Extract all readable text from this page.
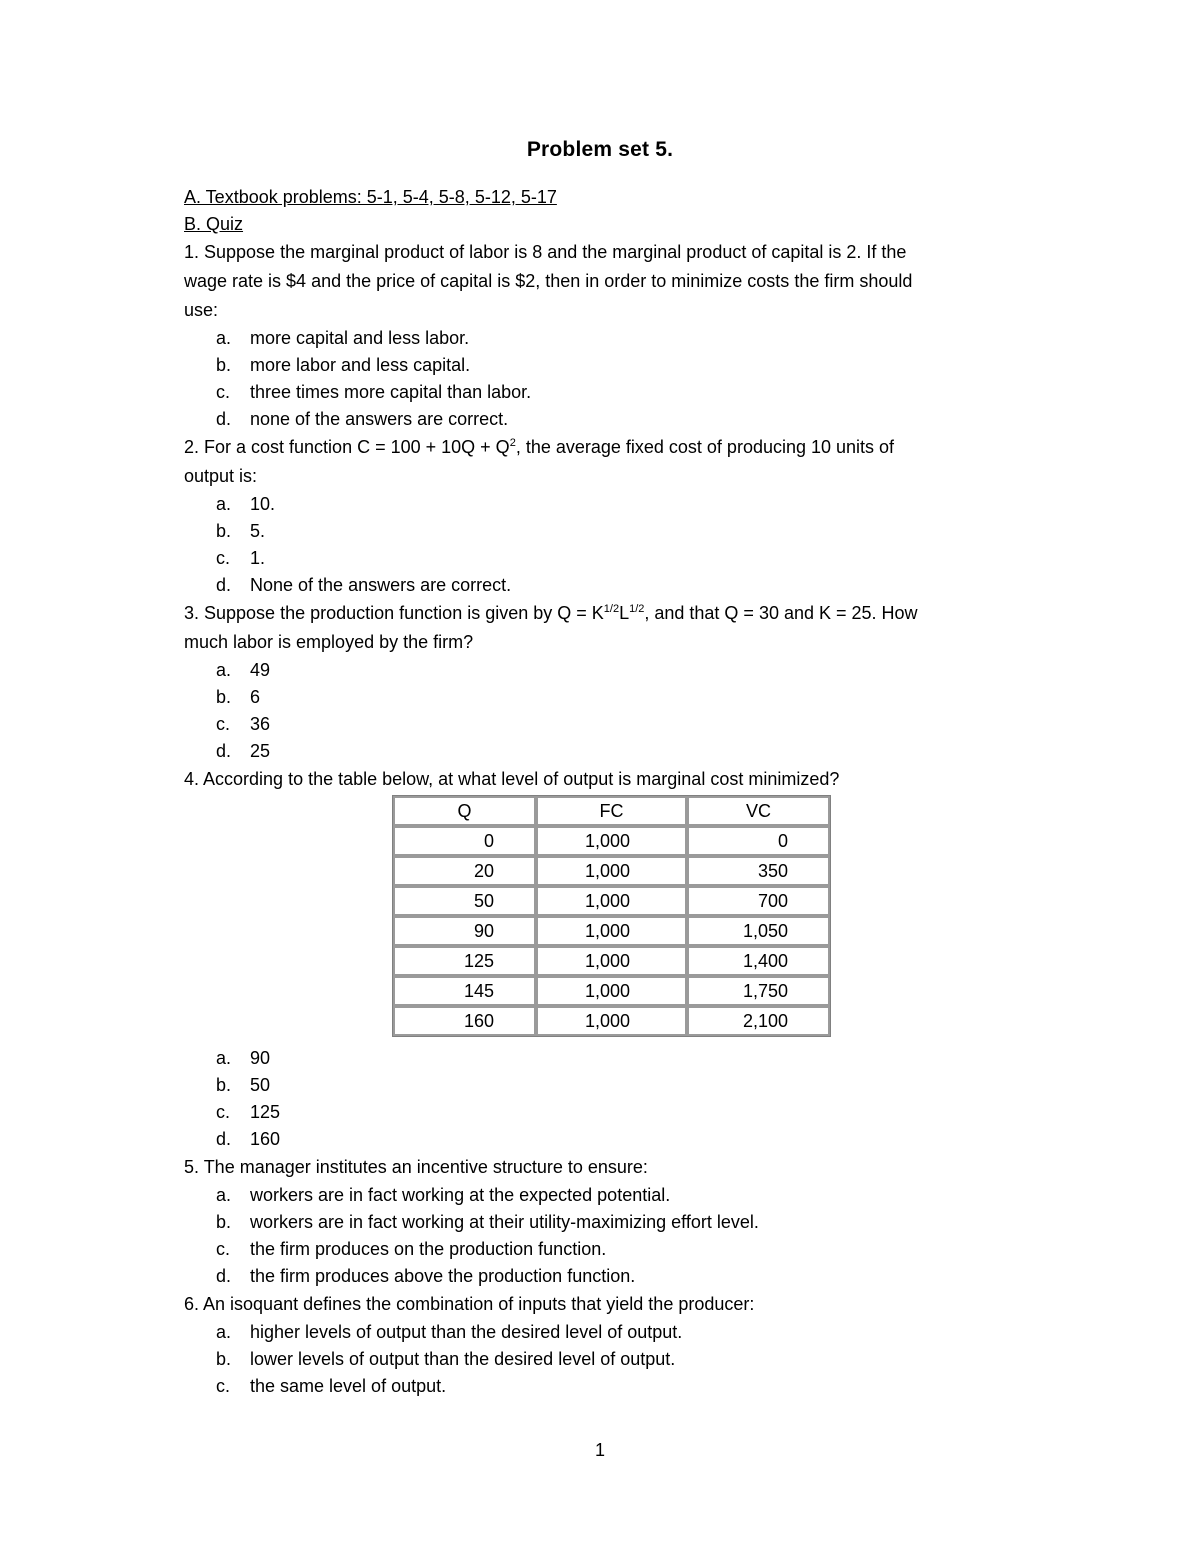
Problem set 5.

A. Textbook problems: 5-1, 5-4, 5-8, 5-12, 5-17

B. Quiz

1. Suppose the marginal product of labor is 8 and the marginal product of capital is 2. If the

wage rate is $4 and the price of capital is $2, then in order to minimize costs the firm should

use:

a.	more capital and less labor.
b.	more labor and less capital.
c.	three times more capital than labor.
d.	none of the answers are correct.

2. For a cost function $C = 100 + 10Q + Q^2$, the average fixed cost of producing 10 units of

output is:

a.	10.
b.	5.
c.	1.
d.	None of the answers are correct.

3. Suppose the production function is given by $Q = K^{1/2}L^{1/2}$, and that Q = 30 and K = 25. How

much labor is employed by the firm?

a.	49
b.	6
c.	36
d.	25

4. According to the table below, at what level of output is marginal cost minimized?

Q	FC	VC
0	1,000	0
20	1,000	350
50	1,000	700
90	1,000	1,050
125	1,000	1,400
145	1,000	1,750
160	1,000	2,100
a.	90
b.	50
c.	125
d.	160

5. The manager institutes an incentive structure to ensure:

a.	workers are in fact working at the expected potential.
b.	workers are in fact working at their utility-maximizing effort level.
c.	the firm produces on the production function.
d.	the firm produces above the production function.

6. An isoquant defines the combination of inputs that yield the producer:

a.	higher levels of output than the desired level of output.
b.	lower levels of output than the desired level of output.
c.	the same level of output.
1
